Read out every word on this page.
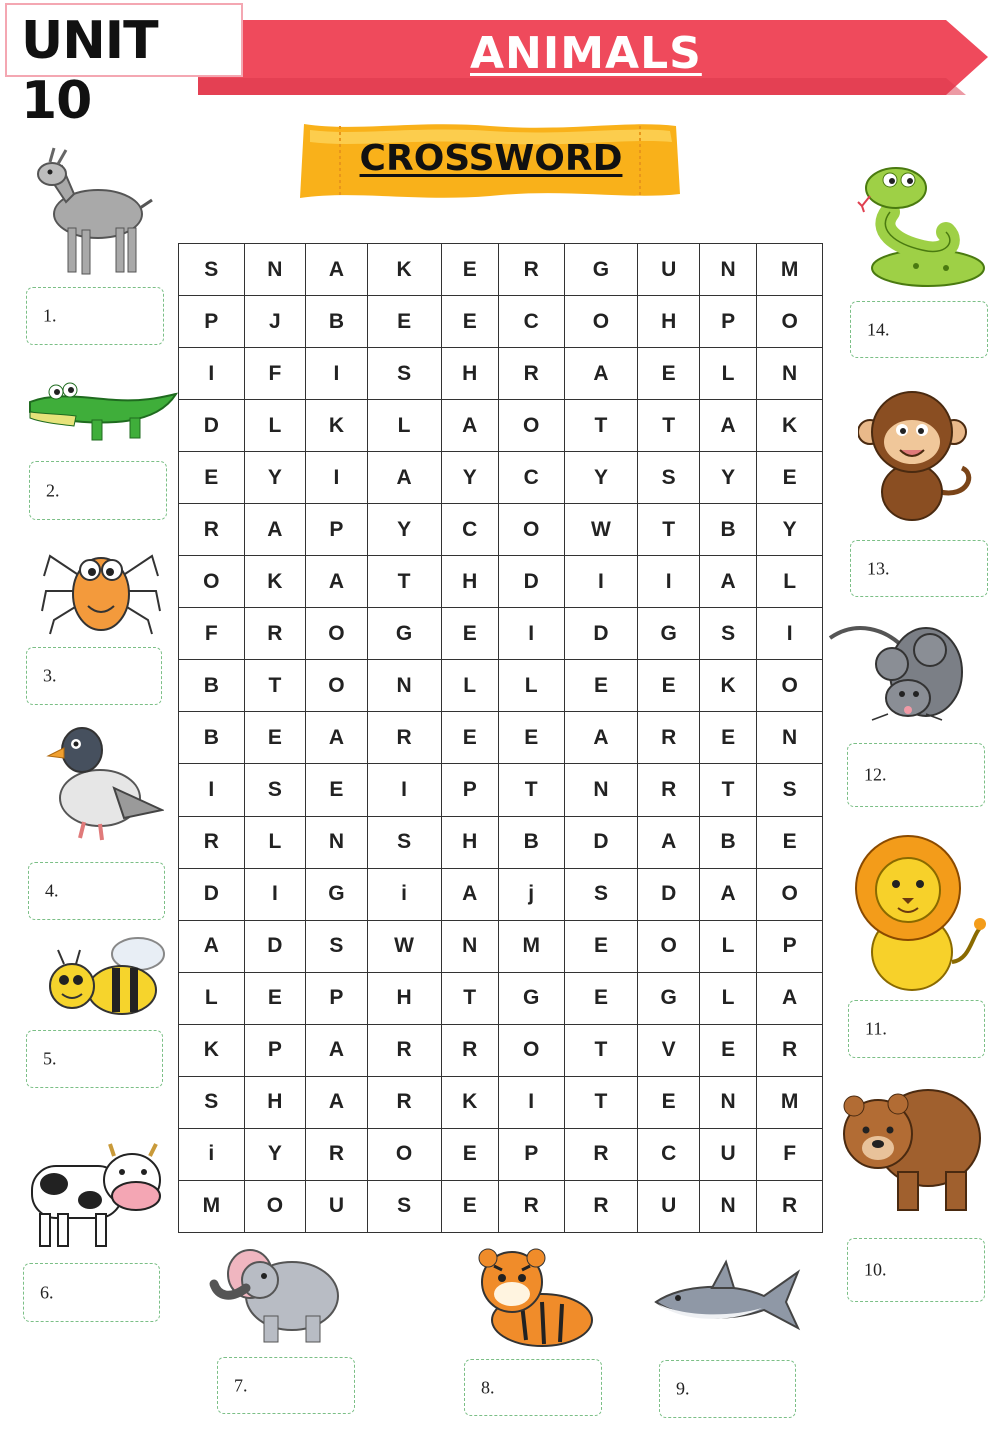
UNIT 10
ANIMALS
CROSSWORD
S	N	A	K	E	R	G	U	N	M
P	J	B	E	E	C	O	H	P	O
I	F	I	S	H	R	A	E	L	N
D	L	K	L	A	O	T	T	A	K
E	Y	I	A	Y	C	Y	S	Y	E
R	A	P	Y	C	O	W	T	B	Y
O	K	A	T	H	D	I	I	A	L
F	R	O	G	E	I	D	G	S	I
B	T	O	N	L	L	E	E	K	O
B	E	A	R	E	E	A	R	E	N
I	S	E	I	P	T	N	R	T	S
R	L	N	S	H	B	D	A	B	E
D	I	G	i	A	j	S	D	A	O
A	D	S	W	N	M	E	O	L	P
L	E	P	H	T	G	E	G	L	A
K	P	A	R	R	O	T	V	E	R
S	H	A	R	K	I	T	E	N	M
i	Y	R	O	E	P	R	C	U	F
M	O	U	S	E	R	R	U	N	R
1.
2.
3.
4.
5.
6.
7.	8.	9.
10.
11.
12.
13.
14.
